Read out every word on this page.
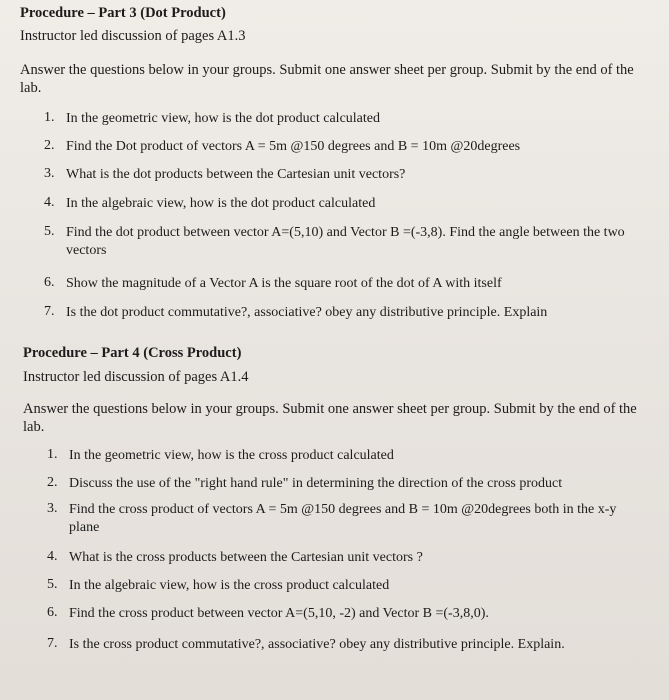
Procedure – Part 3 (Dot Product)
Instructor led discussion of pages A1.3
Answer the questions below in your groups. Submit one answer sheet per group. Submit by the end of the lab.
1. In the geometric view, how is the dot product calculated
2. Find the Dot product of vectors A = 5m @150 degrees and B = 10m @20degrees
3. What is the dot products between the Cartesian unit vectors?
4. In the algebraic view, how is the dot product calculated
5. Find the dot product between vector A=(5,10) and Vector B =(-3,8). Find the angle between the two vectors
6. Show the magnitude of a Vector A is the square root of the dot of A with itself
7. Is the dot product commutative?, associative? obey any distributive principle. Explain
Procedure – Part 4 (Cross Product)
Instructor led discussion of pages A1.4
Answer the questions below in your groups. Submit one answer sheet per group. Submit by the end of the lab.
1. In the geometric view, how is the cross product calculated
2. Discuss the use of the "right hand rule" in determining the direction of the cross product
3. Find the cross product of vectors A = 5m @150 degrees and B = 10m @20degrees both in the x-y plane
4. What is the cross products between the Cartesian unit vectors ?
5. In the algebraic view, how is the cross product calculated
6. Find the cross product between vector A=(5,10, -2) and Vector B =(-3,8,0).
7. Is the cross product commutative?, associative? obey any distributive principle. Explain.
